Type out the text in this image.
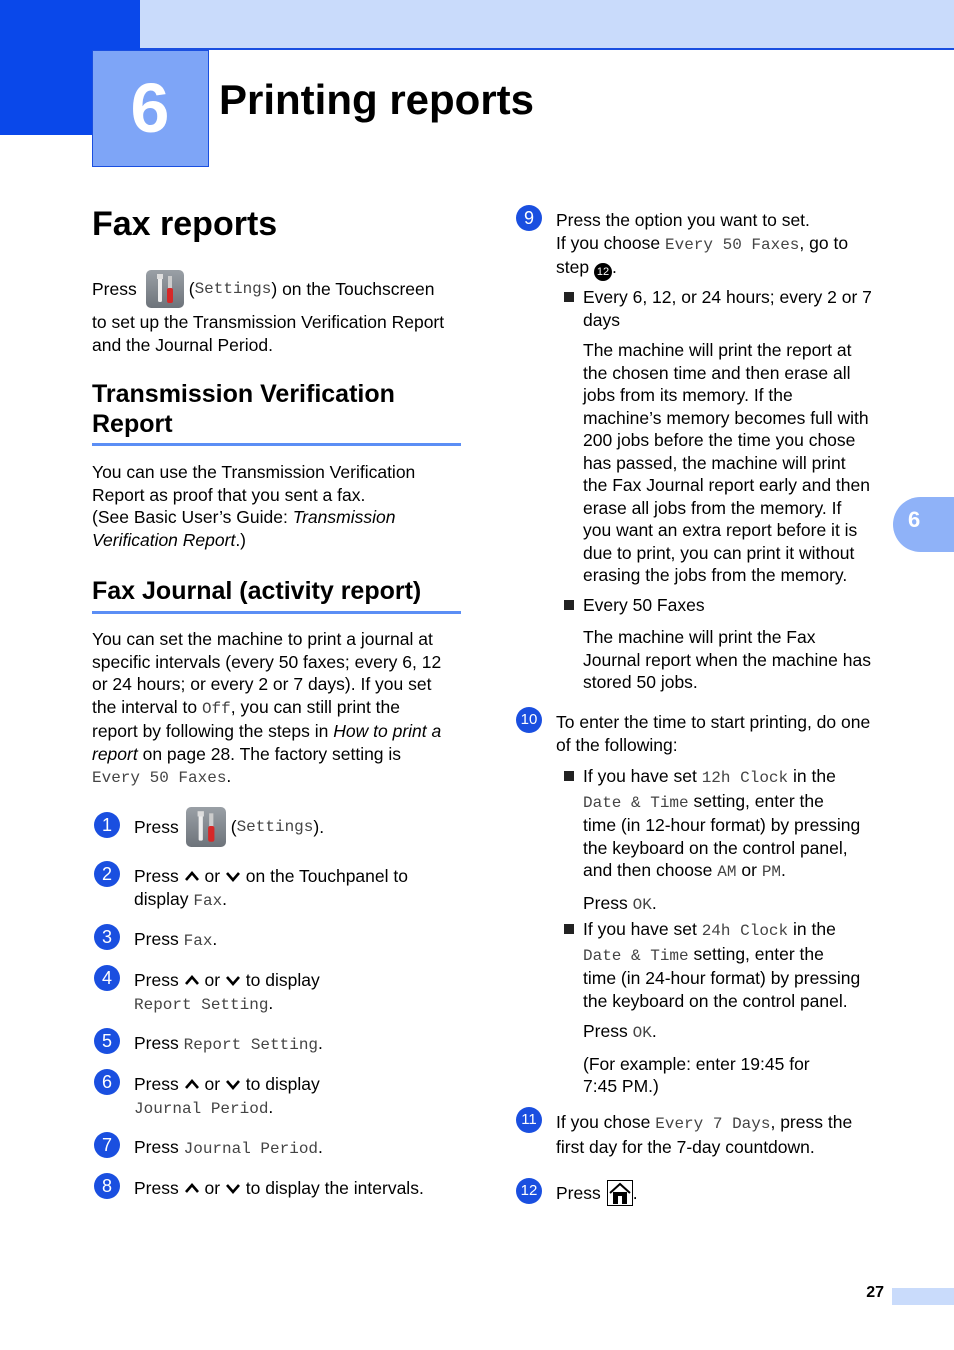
6	Printing reports
6
Fax reports
Press	( Settings ) on the Touchscreen
to set up the Transmission Verification Report
and the Journal Period.
Transmission Verification
Report
You can use the Transmission Verification
Report as proof that you sent a fax.
(See Basic User’s Guide: Transmission
Verification Report.)
Fax Journal (activity report)
You can set the machine to print a journal at
specific intervals (every 50 faxes; every 6, 12
or 24 hours; or every 2 or 7 days). If you set
the interval to Off, you can still print the
report by following the steps in How to print a
report on page 28. The factory setting is
Every 50 Faxes.
1	Press	( Settings ).
2	Press or on the Touchpanel to
display Fax.
3	Press Fax.
4	Press or to display
Report Setting.
5	Press Report Setting.
6	Press or to display
Journal Period.
7	Press Journal Period.
8	Press or to display the intervals.
9	Press the option you want to set.
If you choose Every 50 Faxes, go to
step 12 .
Every 6, 12, or 24 hours; every 2 or 7
days
The machine will print the report at
the chosen time and then erase all
jobs from its memory. If the
machine’s memory becomes full with
200 jobs before the time you chose
has passed, the machine will print
the Fax Journal report early and then
erase all jobs from the memory. If
you want an extra report before it is
due to print, you can print it without
erasing the jobs from the memory.
Every 50 Faxes
The machine will print the Fax
Journal report when the machine has
stored 50 jobs.
10 To enter the time to start printing, do one
of the following:
If you have set 12h Clock in the
Date & Time setting, enter the
time (in 12-hour format) by pressing
the keyboard on the control panel,
and then choose AM or PM.
Press OK.
If you have set 24h Clock in the
Date & Time setting, enter the
time (in 24-hour format) by pressing
the keyboard on the control panel.
Press OK.
(For example: enter 19:45 for
7:45 PM.)
11 If you chose Every 7 Days, press the
first day for the 7-day countdown.
12 Press .
27
